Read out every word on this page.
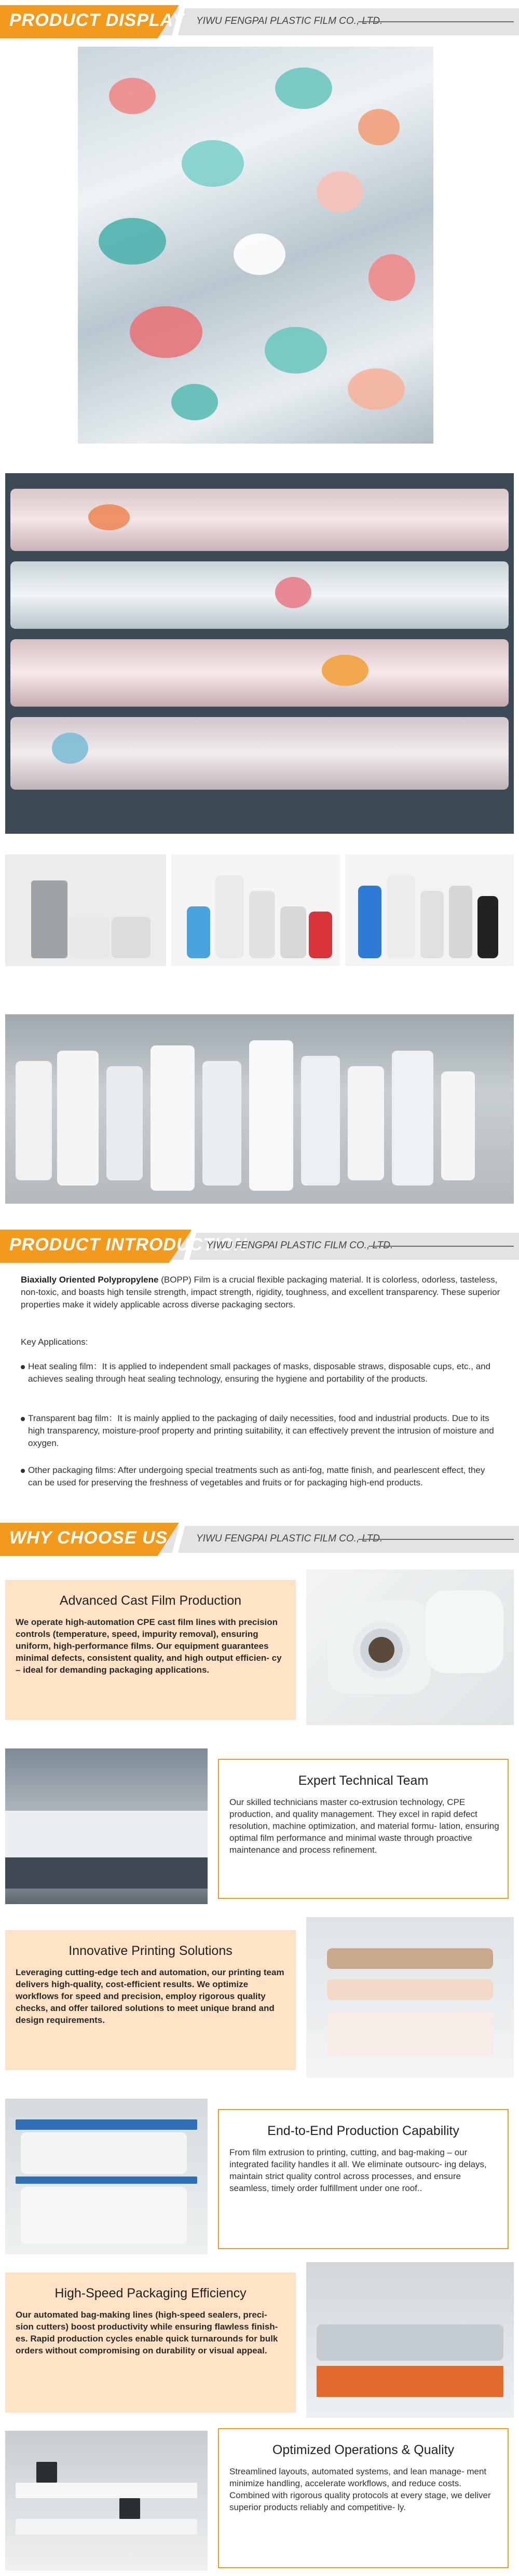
PRODUCT DISPLAY YIWU FENGPAI PLASTIC FILM CO., LTD.
PRODUCT INTRODUCTION
YIWU FENGPAI PLASTIC FILM CO., LTD.
Biaxially Oriented Polypropylene (BOPP) Film is a crucial flexible packaging material. It is colorless, odorless, tasteless, non-toxic, and boasts high tensile strength, impact strength, rigidity, toughness, and excellent transparency. These superior properties make it widely applicable across diverse packaging sectors.
Key Applications:
Heat sealing film：It is applied to independent small packages of masks, disposable straws, disposable cups, etc., and achieves sealing through heat sealing technology, ensuring the hygiene and portability of the products.
Transparent bag film：It is mainly applied to the packaging of daily necessities, food and industrial products. Due to its high transparency, moisture-proof property and printing suitability, it can effectively prevent the intrusion of moisture and oxygen.
Other packaging films: After undergoing special treatments such as anti-fog, matte finish, and pearlescent effect, they can be used for preserving the freshness of vegetables and fruits or for packaging high-end products.
WHY CHOOSE US	YIWU FENGPAI PLASTIC FILM CO., LTD.
Advanced Cast Film Production
We operate high-automation CPE cast film lines with precision controls (temperature, speed, impurity removal), ensuring uniform, high-performance films. Our equipment guarantees minimal defects, consistent quality, and high output efficien- cy – ideal for demanding packaging applications.
Expert Technical Team
Our skilled technicians master co-extrusion technology, CPE production, and quality management. They excel in rapid defect resolution, machine optimization, and material formu- lation, ensuring optimal film performance and minimal waste through proactive maintenance and process refinement.
Innovative Printing Solutions
Leveraging cutting-edge tech and automation, our printing team delivers high-quality, cost-efficient results. We optimize workflows for speed and precision, employ rigorous quality checks, and offer tailored solutions to meet unique brand and design requirements.
End-to-End Production Capability
From film extrusion to printing, cutting, and bag-making – our integrated facility handles it all. We eliminate outsourc- ing delays, maintain strict quality control across processes, and ensure seamless, timely order fulfillment under one roof..
High-Speed Packaging Efficiency
Our automated bag-making lines (high-speed sealers, preci- sion cutters) boost productivity while ensuring flawless finish- es. Rapid production cycles enable quick turnarounds for bulk orders without compromising on durability or visual appeal.
Optimized Operations & Quality
Streamlined layouts, automated systems, and lean manage- ment minimize handling, accelerate workflows, and reduce costs. Combined with rigorous quality protocols at every stage, we deliver superior products reliably and competitive- ly.
